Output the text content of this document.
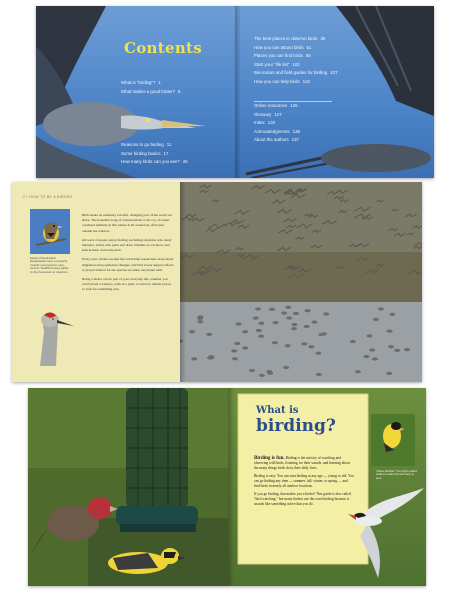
Contents
What is “birding”? 1
What makes a good birder? 6
Reasons to go birding 11
Some birding basics 17
How many birds can you see? 25
The best places to observe birds 35
How you can attract birds 51
Places you can find birds 68
Start your “life list” 103
Binoculars and field guides for birding 107
How you can help birds 119
Online resources 125
Glossary 127
Index 133
Acknowledgments 136
About the authors 137
2 / HOW TO BE A BIRDER
Eastern Meadowlark: Meadowlarks have a beautiful, melodic song heard in open country. Sandhill Cranes gather by the thousands on migration.

Birds make an endlessly colorful, changing part of the world we share. The beautiful song of a meadowlark or the cry of cranes overhead reminds us that nature is all around us, often just outside the window.

All sorts of people enjoy birding, including scientists who study behavior, artists who paint and draw, families on vacation, and kids in their own backyards.

Every year, birders around the world help researchers learn about migration and population changes, and bird lovers support efforts to protect habitat for the species we share our planet with.

Being a birder can be part of your everyday life, whether you watch from a window, walk in a park, or travel to distant places to look for something new.

Yellow Warbler: The bright yellow feathers make this bird easy to spot.
What is
birding?

Birding is fun. Birding is the activity of watching and observing wild birds, listening for their sounds, and learning about the many things birds do in their daily lives.

Birding is easy. You can start birding at any age — young or old. You can go birding any time — summer, fall, winter, or spring — and find birds in nearly all outdoor locations.

If you go birding, that makes you a birder! This guide is also called “bird watching,” but many birders use the word birding because it sounds like something active that you do.
